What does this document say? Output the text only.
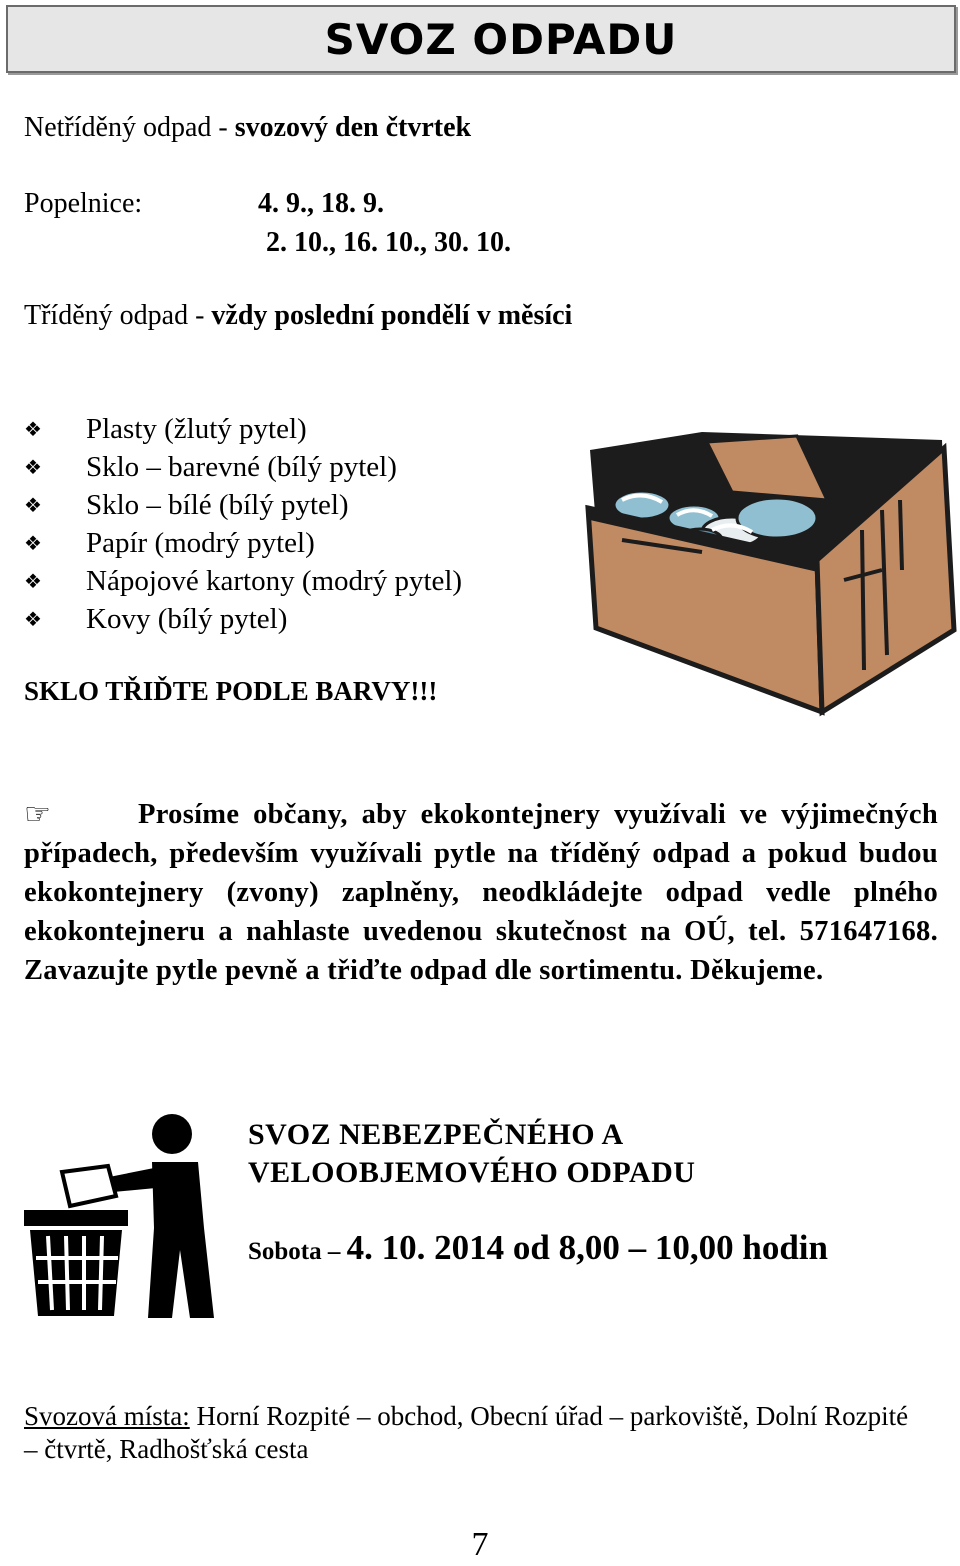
SVOZ ODPADU
Netříděný odpad - svozový den čtvrtek
Popelnice:	4. 9., 18. 9.
2. 10., 16. 10., 30. 10.
Tříděný odpad - vždy poslední pondělí v měsíci
❖	Plasty (žlutý pytel)
❖	Sklo – barevné (bílý pytel)
❖	Sklo – bílé (bílý pytel)
❖	Papír (modrý pytel)
❖	Nápojové kartony (modrý pytel)
❖	Kovy (bílý pytel)
SKLO TŘIĎTE PODLE BARVY!!!
☞	Prosíme občany, aby ekokontejnery využívali ve výjimečných případech, především využívali pytle na tříděný odpad a pokud budou ekokontejnery (zvony) zaplněny, neodkládejte odpad vedle plného ekokontejneru a nahlaste uvedenou skutečnost na OÚ, tel. 571647168. Zavazujte pytle pevně a třiďte odpad dle sortimentu. Děkujeme.
SVOZ NEBEZPEČNÉHO A
VELOOBJEMOVÉHO ODPADU
Sobota – 4. 10. 2014 od 8,00 – 10,00 hodin
Svozová místa: Horní Rozpité – obchod, Obecní úřad – parkoviště, Dolní Rozpité – čtvrtě, Radhošťská cesta
7
